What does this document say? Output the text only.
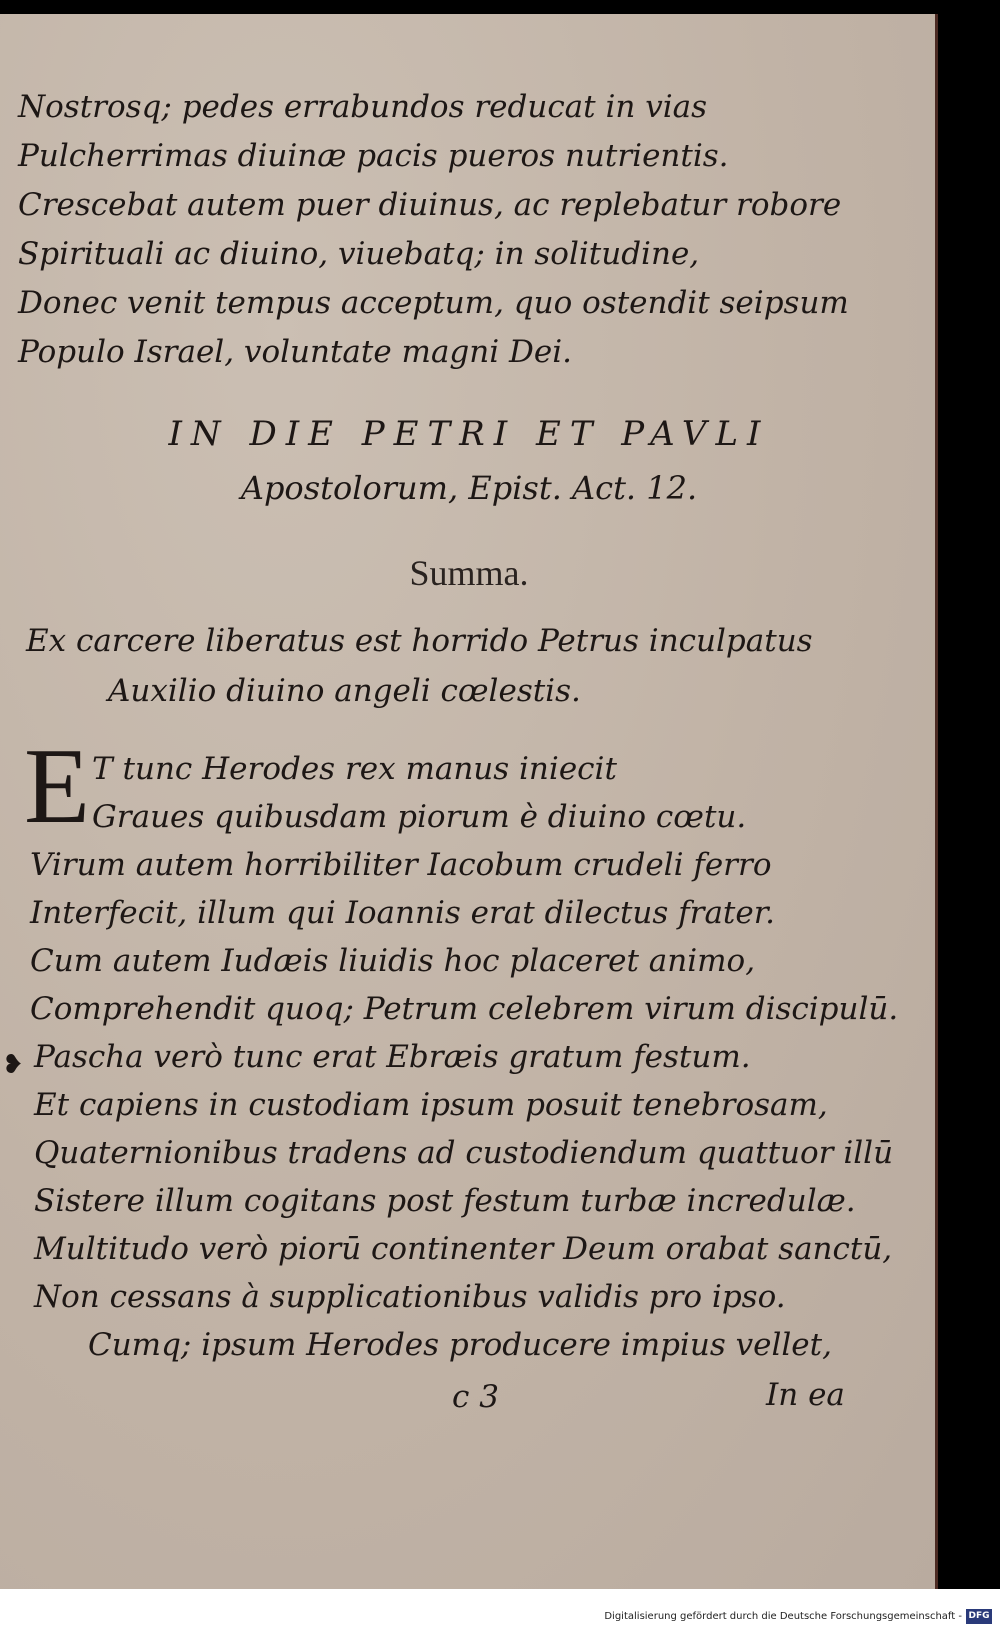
Nostrosq; pedes errabundos reducat in vias

Pulcherrimas diuinæ pacis pueros nutrientis.

Crescebat autem puer diuinus, ac replebatur robore

Spirituali ac diuino, viuebatq; in solitudine,

Donec venit tempus acceptum, quo ostendit seipsum

Populo Israel, voluntate magni Dei.

IN DIE PETRI ET PAVLI

Apostolorum, Epist. Act. 12.

Summa.

Ex carcere liberatus est horrido Petrus inculpatus

Auxilio diuino angeli cœlestis.

E T tunc Herodes rex manus iniecit

Graues quibusdam piorum è diuino cœtu.

Virum autem horribiliter Iacobum crudeli ferro

Interfecit, illum qui Ioannis erat dilectus frater.

Cum autem Iudæis liuidis hoc placeret animo,

Comprehendit quoq; Petrum celebrem virum discipulū.

❥ Pascha verò tunc erat Ebræis gratum festum.

Et capiens in custodiam ipsum posuit tenebrosam,

Quaternionibus tradens ad custodiendum quattuor illū

Sistere illum cogitans post festum turbæ incredulæ.

Multitudo verò piorū continenter Deum orabat sanctū,

Non cessans à supplicationibus validis pro ipso.

Cumq; ipsum Herodes producere impius vellet,

c 3	In ea

Digitalisierung gefördert durch die Deutsche Forschungsgemeinschaft - DFG
